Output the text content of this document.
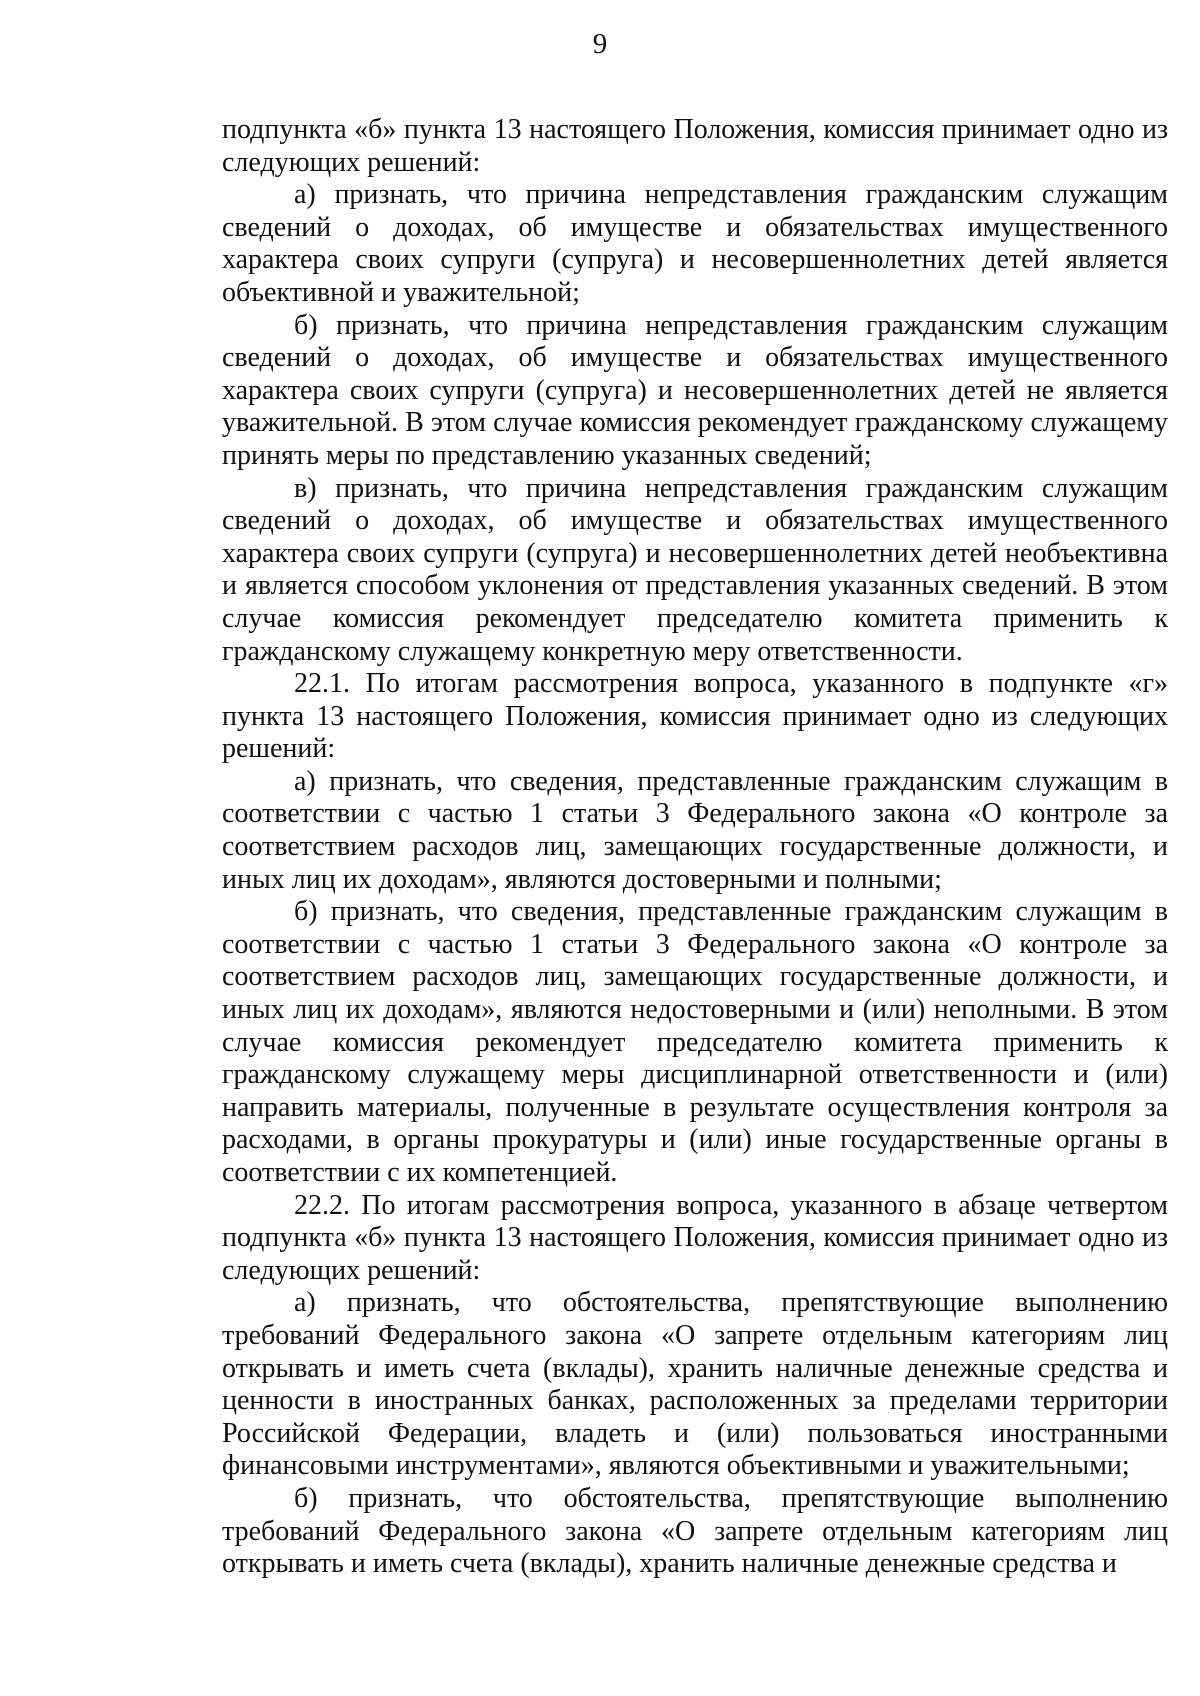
9

подпункта «б» пункта 13 настоящего Положения, комиссия принимает одно из следующих решений:

а) признать, что причина непредставления гражданским служащим сведений о доходах, об имуществе и обязательствах имущественного характера своих супруги (супруга) и несовершеннолетних детей является объективной и уважительной;

б) признать, что причина непредставления гражданским служащим сведений о доходах, об имуществе и обязательствах имущественного характера своих супруги (супруга) и несовершеннолетних детей не является уважительной. В этом случае комиссия рекомендует гражданскому служащему принять меры по представлению указанных сведений;

в) признать, что причина непредставления гражданским служащим сведений о доходах, об имуществе и обязательствах имущественного характера своих супруги (супруга) и несовершеннолетних детей необъективна и является способом уклонения от представления указанных сведений. В этом случае комиссия рекомендует председателю комитета применить к гражданскому служащему конкретную меру ответственности.

22.1. По итогам рассмотрения вопроса, указанного в подпункте «г» пункта 13 настоящего Положения, комиссия принимает одно из следующих решений:

а) признать, что сведения, представленные гражданским служащим в соответствии с частью 1 статьи 3 Федерального закона «О контроле за соответствием расходов лиц, замещающих государственные должности, и иных лиц их доходам», являются достоверными и полными;

б) признать, что сведения, представленные гражданским служащим в соответствии с частью 1 статьи 3 Федерального закона «О контроле за соответствием расходов лиц, замещающих государственные должности, и иных лиц их доходам», являются недостоверными и (или) неполными. В этом случае комиссия рекомендует председателю комитета применить к гражданскому служащему меры дисциплинарной ответственности и (или) направить материалы, полученные в результате осуществления контроля за расходами, в органы прокуратуры и (или) иные государственные органы в соответствии с их компетенцией.

22.2. По итогам рассмотрения вопроса, указанного в абзаце четвертом подпункта «б» пункта 13 настоящего Положения, комиссия принимает одно из следующих решений:

а) признать, что обстоятельства, препятствующие выполнению требований Федерального закона «О запрете отдельным категориям лиц открывать и иметь счета (вклады), хранить наличные денежные средства и ценности в иностранных банках, расположенных за пределами территории Российской Федерации, владеть и (или) пользоваться иностранными финансовыми инструментами», являются объективными и уважительными;

б) признать, что обстоятельства, препятствующие выполнению требований Федерального закона «О запрете отдельным категориям лиц открывать и иметь счета (вклады), хранить наличные денежные средства и
